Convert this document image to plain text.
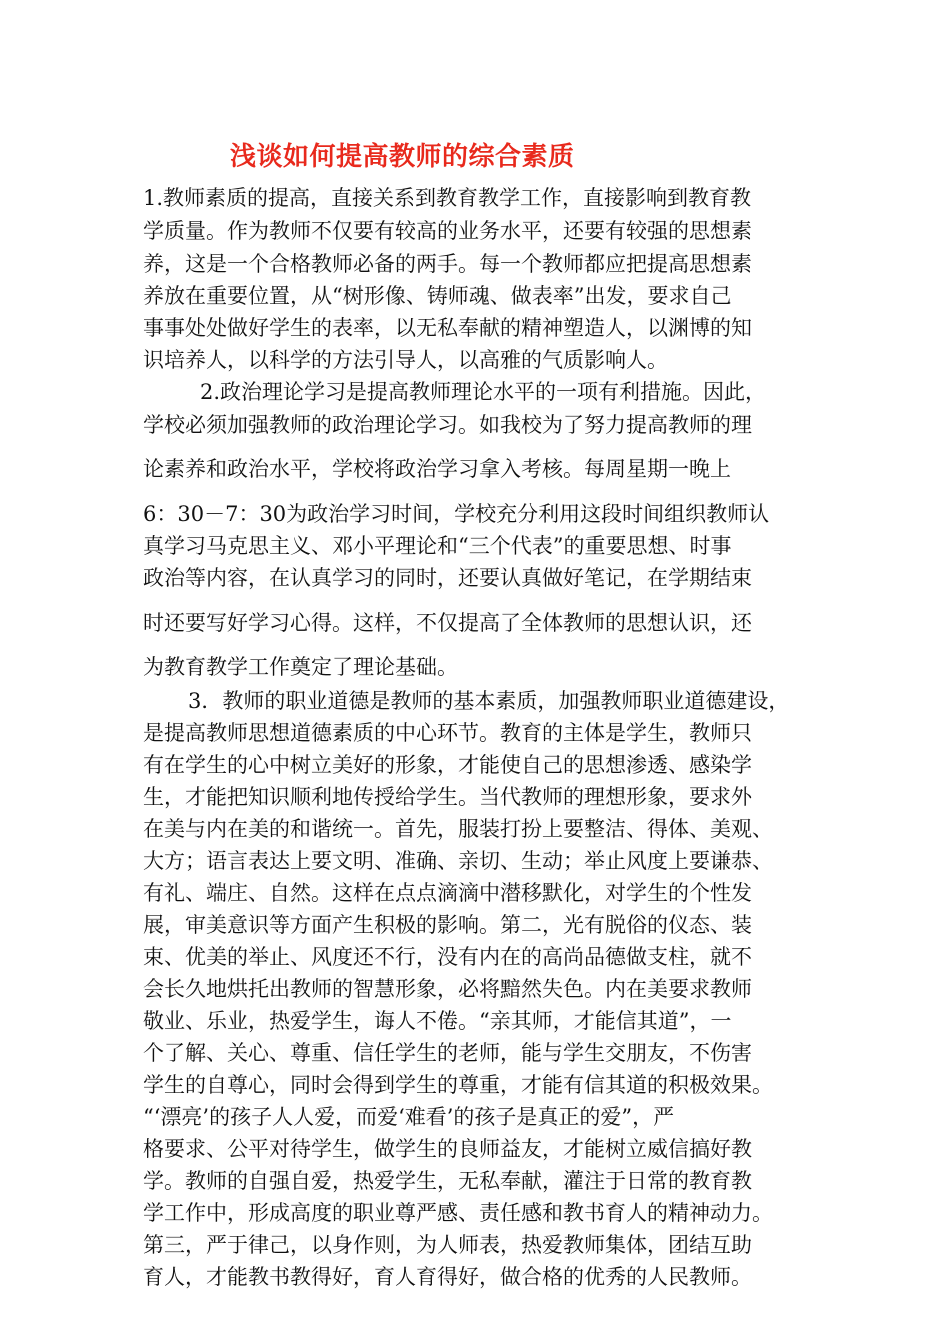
浅谈如何提高教师的综合素质
1.教师素质的提高，直接关系到教育教学工作，直接影响到教育教
学质量。作为教师不仅要有较高的业务水平，还要有较强的思想素
养，这是一个合格教师必备的两手。每一个教师都应把提高思想素
养放在重要位置，从“树形像、铸师魂、做表率”出发，要求自己
事事处处做好学生的表率，以无私奉献的精神塑造人，以渊博的知
识培养人，以科学的方法引导人，以高雅的气质影响人。
2.政治理论学习是提高教师理论水平的一项有利措施。因此，
学校必须加强教师的政治理论学习。如我校为了努力提高教师的理
论素养和政治水平，学校将政治学习拿入考核。每周星期一晚上
6：30－7：30为政治学习时间，学校充分利用这段时间组织教师认
真学习马克思主义、邓小平理论和“三个代表”的重要思想、时事
政治等内容，在认真学习的同时，还要认真做好笔记，在学期结束
时还要写好学习心得。这样，不仅提高了全体教师的思想认识，还
为教育教学工作奠定了理论基础。
3．教师的职业道德是教师的基本素质，加强教师职业道德建设，
是提高教师思想道德素质的中心环节。教育的主体是学生，教师只
有在学生的心中树立美好的形象，才能使自己的思想渗透、感染学
生，才能把知识顺利地传授给学生。当代教师的理想形象，要求外
在美与内在美的和谐统一。首先，服装打扮上要整洁、得体、美观、
大方；语言表达上要文明、准确、亲切、生动；举止风度上要谦恭、
有礼、端庄、自然。这样在点点滴滴中潜移默化，对学生的个性发
展，审美意识等方面产生积极的影响。第二，光有脱俗的仪态、装
束、优美的举止、风度还不行，没有内在的高尚品德做支柱，就不
会长久地烘托出教师的智慧形象，必将黯然失色。内在美要求教师
敬业、乐业，热爱学生，诲人不倦。“亲其师，才能信其道”，一
个了解、关心、尊重、信任学生的老师，能与学生交朋友，不伤害
学生的自尊心，同时会得到学生的尊重，才能有信其道的积极效果。
“‘漂亮’的孩子人人爱，而爱‘难看’的孩子是真正的爱”，严
格要求、公平对待学生，做学生的良师益友，才能树立威信搞好教
学。教师的自强自爱，热爱学生，无私奉献，灌注于日常的教育教
学工作中，形成高度的职业尊严感、责任感和教书育人的精神动力。
第三，严于律己，以身作则，为人师表，热爱教师集体，团结互助
育人，才能教书教得好，育人育得好，做合格的优秀的人民教师。
